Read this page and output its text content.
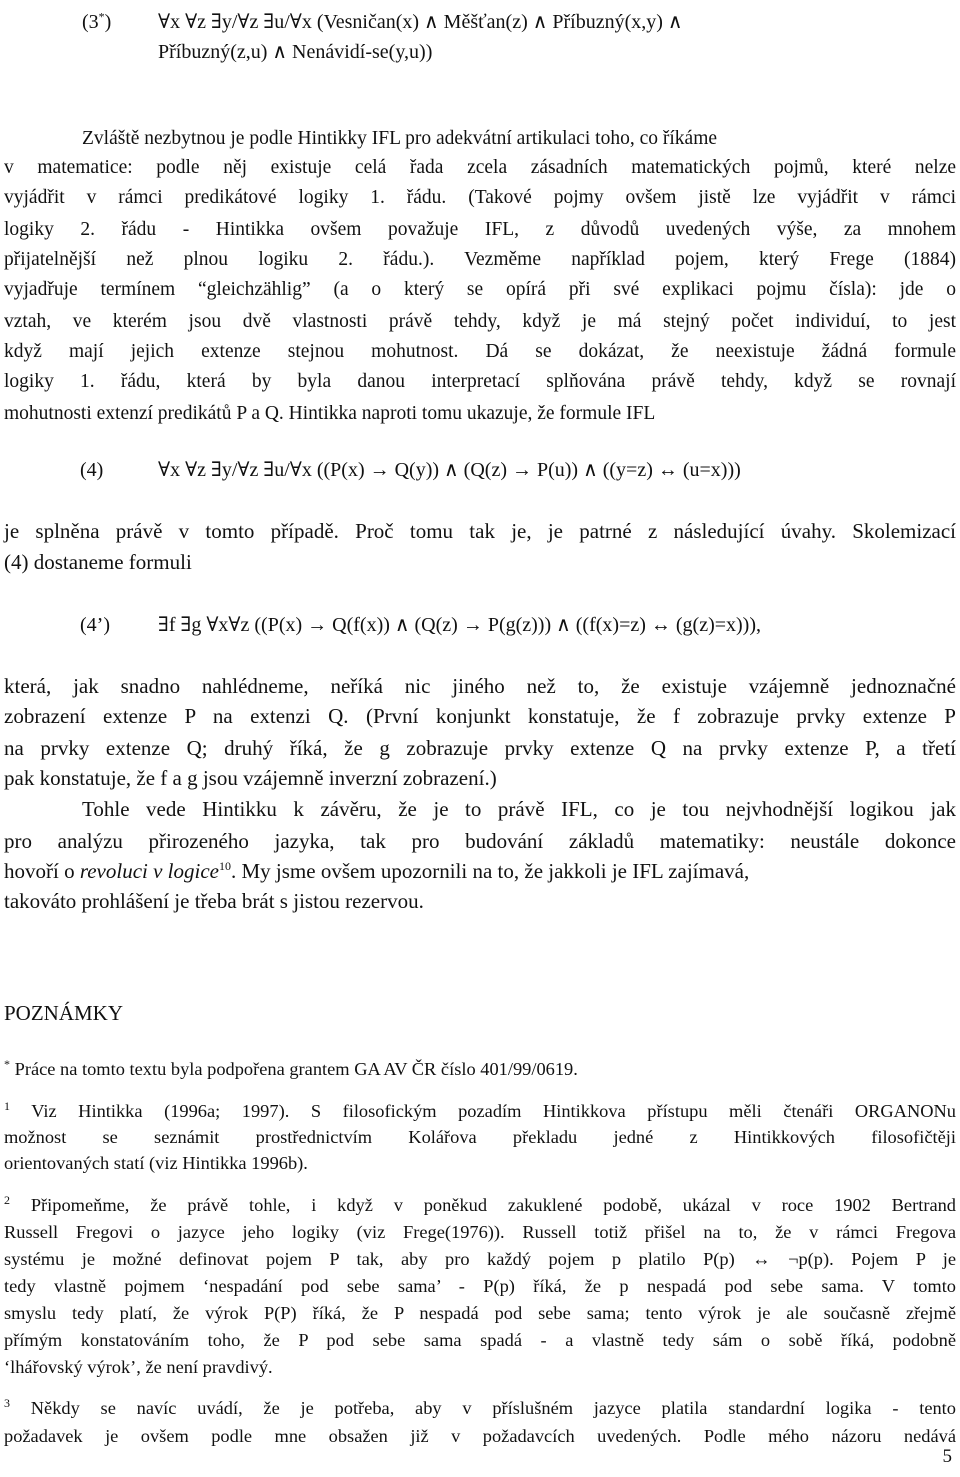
(3*) ∀x ∀z ∃y/∀z ∃u/∀x (Vesničan(x) ∧ Měšťan(z) ∧ Příbuzný(x,y) ∧
Příbuzný(z,u) ∧ Nenávidí-se(y,u))
Zvláště nezbytnou je podle Hintikky IFL pro adekvátní artikulaci toho, co říkáme
v matematice: podle něj existuje celá řada zcela zásadních matematických pojmů, které nelze
vyjádřit v rámci predikátové logiky 1. řádu. (Takové pojmy ovšem jistě lze vyjádřit v rámci
logiky 2. řádu - Hintikka ovšem považuje IFL, z důvodů uvedených výše, za mnohem
přijatelnější než plnou logiku 2. řádu.). Vezměme například pojem, který Frege (1884)
vyjadřuje termínem “gleichzählig” (a o který se opírá při své explikaci pojmu čísla): jde o
vztah, ve kterém jsou dvě vlastnosti právě tehdy, když je má stejný počet individuí, to jest
když mají jejich extenze stejnou mohutnost. Dá se dokázat, že neexistuje žádná formule
logiky 1. řádu, která by byla danou interpretací splňována právě tehdy, když se rovnají
mohutnosti extenzí predikátů P a Q. Hintikka naproti tomu ukazuje, že formule IFL
(4)	∀x ∀z ∃y/∀z ∃u/∀x ((P(x) → Q(y)) ∧ (Q(z) → P(u)) ∧ ((y=z) ↔ (u=x)))
je splněna právě v tomto případě. Proč tomu tak je, je patrné z následující úvahy. Skolemizací
(4) dostaneme formuli
(4’) ∃f ∃g ∀x∀z ((P(x) → Q(f(x)) ∧ (Q(z) → P(g(z))) ∧ ((f(x)=z) ↔ (g(z)=x))),
která, jak snadno nahlédneme, neříká nic jiného než to, že existuje vzájemně jednoznačné
zobrazení extenze P na extenzi Q. (První konjunkt konstatuje, že f zobrazuje prvky extenze P
na prvky extenze Q; druhý říká, že g zobrazuje prvky extenze Q na prvky extenze P, a třetí
pak konstatuje, že f a g jsou vzájemně inverzní zobrazení.)
Tohle vede Hintikku k závěru, že je to právě IFL, co je tou nejvhodnější logikou jak
pro analýzu přirozeného jazyka, tak pro budování základů matematiky: neustále dokonce
hovoří o revoluci v logice$^{10}$. My jsme ovšem upozornili na to, že jakkoli je IFL zajímavá,
takováto prohlášení je třeba brát s jistou rezervou.
POZNÁMKY
* Práce na tomto textu byla podpořena grantem GA AV ČR číslo 401/99/0619.
$^1$ Viz Hintikka (1996a; 1997). S filosofickým pozadím Hintikkova přístupu měli čtenáři ORGANONu
možnost se seznámit prostřednictvím Kolářova překladu jedné z Hintikkových filosofičtěji
orientovaných statí (viz Hintikka 1996b).
$^2$ Připomeňme, že právě tohle, i když v poněkud zakuklené podobě, ukázal v roce 1902 Bertrand
Russell Fregovi o jazyce jeho logiky (viz Frege(1976)). Russell totiž přišel na to, že v rámci Fregova
systému je možné definovat pojem P tak, aby pro každý pojem p platilo P(p) ↔ ¬p(p). Pojem P je
tedy vlastně pojmem ‘nespadání pod sebe sama’ - P(p) říká, že p nespadá pod sebe sama. V tomto
smyslu tedy platí, že výrok P(P) říká, že P nespadá pod sebe sama; tento výrok je ale současně zřejmě
přímým konstatováním toho, že P pod sebe sama spadá - a vlastně tedy sám o sobě říká, podobně
‘lhářovský výrok’, že není pravdivý.
$^3$ Někdy se navíc uvádí, že je potřeba, aby v příslušném jazyce platila standardní logika - tento
požadavek je ovšem podle mne obsažen již v požadavcích uvedených. Podle mého názoru nedává
5
